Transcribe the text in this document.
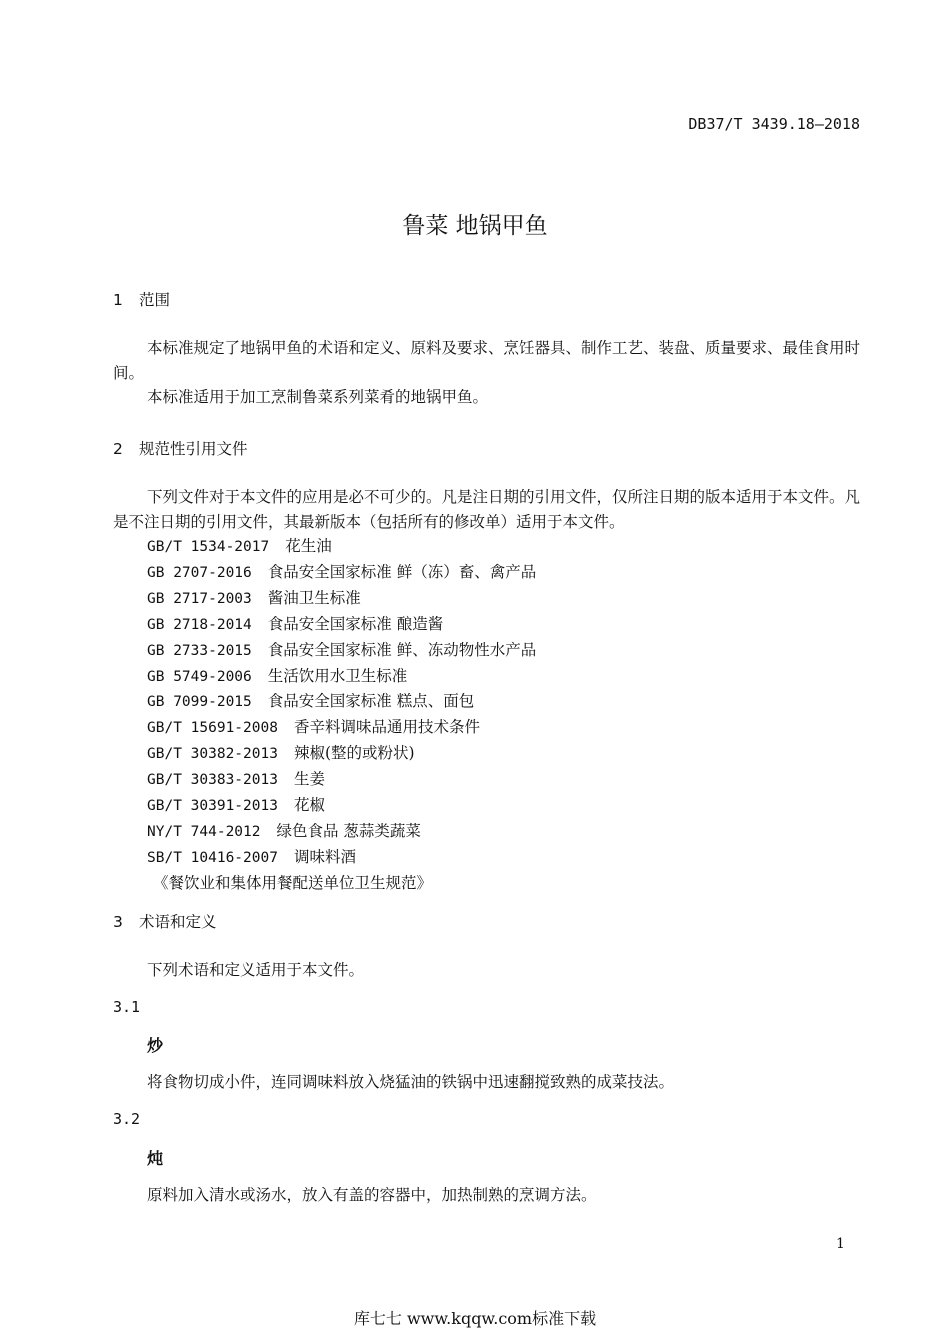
DB37/T 3439.18—2018
鲁菜 地锅甲鱼
1 范围
本标准规定了地锅甲鱼的术语和定义、原料及要求、烹饪器具、制作工艺、装盘、质量要求、最佳食用时间。
本标准适用于加工烹制鲁菜系列菜肴的地锅甲鱼。
2 规范性引用文件
下列文件对于本文件的应用是必不可少的。凡是注日期的引用文件，仅所注日期的版本适用于本文件。凡是不注日期的引用文件，其最新版本（包括所有的修改单）适用于本文件。
GB/T 1534-2017 花生油
GB 2707-2016 食品安全国家标准 鲜（冻）畜、禽产品
GB 2717-2003 酱油卫生标准
GB 2718-2014 食品安全国家标准 酿造酱
GB 2733-2015 食品安全国家标准 鲜、冻动物性水产品
GB 5749-2006 生活饮用水卫生标准
GB 7099-2015 食品安全国家标准 糕点、面包
GB/T 15691-2008 香辛料调味品通用技术条件
GB/T 30382-2013 辣椒(整的或粉状)
GB/T 30383-2013 生姜
GB/T 30391-2013 花椒
NY/T 744-2012 绿色食品 葱蒜类蔬菜
SB/T 10416-2007 调味料酒
《餐饮业和集体用餐配送单位卫生规范》
3 术语和定义
下列术语和定义适用于本文件。
3.1
炒
将食物切成小件，连同调味料放入烧猛油的铁锅中迅速翻搅致熟的成菜技法。
3.2
炖
原料加入清水或汤水，放入有盖的容器中，加热制熟的烹调方法。
1
库七七 www.kqqw.com标准下载
